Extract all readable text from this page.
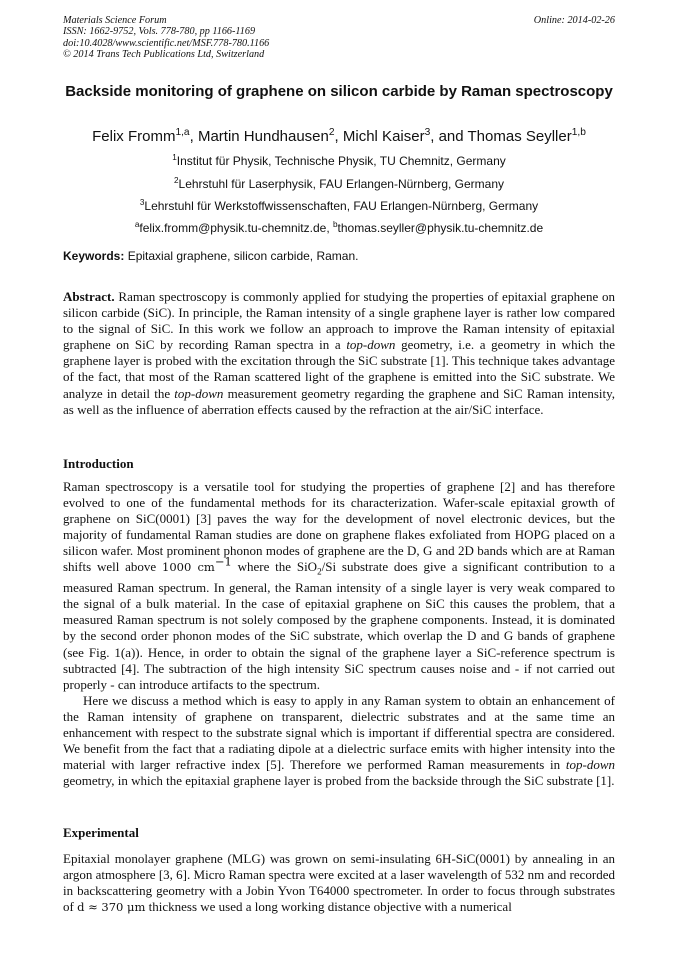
Materials Science Forum	Online: 2014-02-26
ISSN: 1662-9752, Vols. 778-780, pp 1166-1169
doi:10.4028/www.scientific.net/MSF.778-780.1166
© 2014 Trans Tech Publications Ltd, Switzerland
Backside monitoring of graphene on silicon carbide by Raman spectroscopy
Felix Fromm$^{1,a}$, Martin Hundhausen$^2$, Michl Kaiser$^3$, and Thomas Seyller$^{1,b}$
$^1$Institut für Physik, Technische Physik, TU Chemnitz, Germany
$^2$Lehrstuhl für Laserphysik, FAU Erlangen-Nürnberg, Germany
$^3$Lehrstuhl für Werkstoffwissenschaften, FAU Erlangen-Nürnberg, Germany
$^a$felix.fromm@physik.tu-chemnitz.de, $^b$thomas.seyller@physik.tu-chemnitz.de
Keywords: Epitaxial graphene, silicon carbide, Raman.

Abstract. Raman spectroscopy is commonly applied for studying the properties of epitaxial graphene on silicon carbide (SiC). In principle, the Raman intensity of a single graphene layer is rather low compared to the signal of SiC. In this work we follow an approach to improve the Raman intensity of epitaxial graphene on SiC by recording Raman spectra in a top-down geometry, i.e. a geometry in which the graphene layer is probed with the excitation through the SiC substrate [1]. This technique takes advantage of the fact, that most of the Raman scattered light of the graphene is emitted into the SiC substrate. We analyze in detail the top-down measurement geometry regarding the graphene and SiC Raman intensity, as well as the influence of aberration effects caused by the refraction at the air/SiC interface.

Introduction

Raman spectroscopy is a versatile tool for studying the properties of graphene [2] and has therefore evolved to one of the fundamental methods for its characterization. Wafer-scale epitaxial growth of graphene on SiC(0001) [3] paves the way for the development of novel electronic devices, but the majority of fundamental Raman studies are done on graphene flakes exfoliated from HOPG placed on a silicon wafer. Most prominent phonon modes of graphene are the D, G and 2D bands which are at Raman shifts well above 1000 $cm^{-1}$ where the SiO$_2$/Si substrate does give a significant contribution to a measured Raman spectrum. In general, the Raman intensity of a single layer is very weak compared to the signal of a bulk material. In the case of epitaxial graphene on SiC this causes the problem, that a measured Raman spectrum is not solely composed by the graphene components. Instead, it is dominated by the second order phonon modes of the SiC substrate, which overlap the D and G bands of graphene (see Fig. 1(a)). Hence, in order to obtain the signal of the graphene layer a SiC-reference spectrum is subtracted [4]. The subtraction of the high intensity SiC spectrum causes noise and - if not carried out properly - can introduce artifacts to the spectrum.

Here we discuss a method which is easy to apply in any Raman system to obtain an enhancement of the Raman intensity of graphene on transparent, dielectric substrates and at the same time an enhancement with respect to the substrate signal which is important if differential spectra are considered. We benefit from the fact that a radiating dipole at a dielectric surface emits with higher intensity into the material with larger refractive index [5]. Therefore we performed Raman measurements in top-down geometry, in which the epitaxial graphene layer is probed from the backside through the SiC substrate [1].

Experimental

Epitaxial monolayer graphene (MLG) was grown on semi-insulating 6H-SiC(0001) by annealing in an argon atmosphere [3, 6]. Micro Raman spectra were excited at a laser wavelength of 532 nm and recorded in backscattering geometry with a Jobin Yvon T64000 spectrometer. In order to focus through substrates of d ≈ 370 μm thickness we used a long working distance objective with a numerical
